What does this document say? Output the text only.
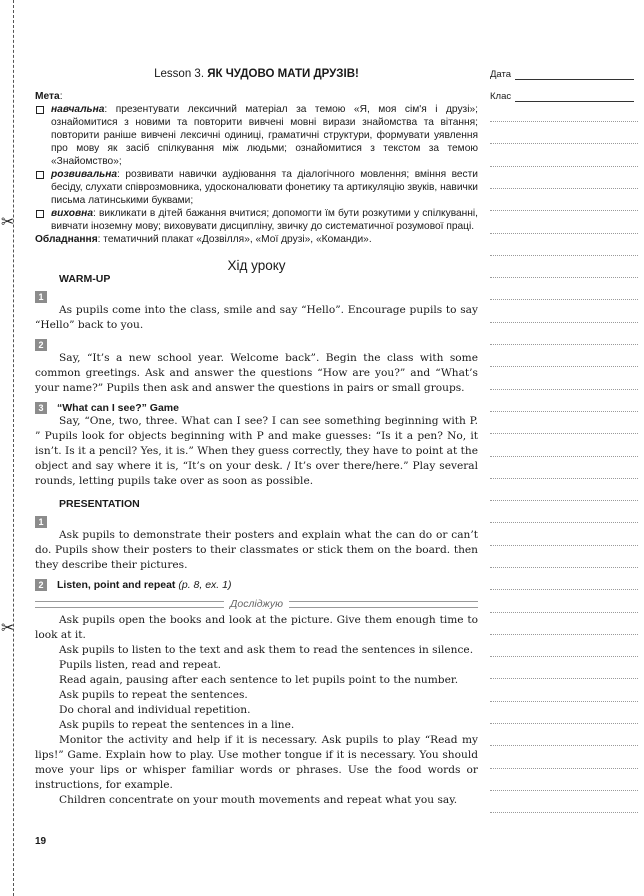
✂
✂
Дата
Клас
Lesson 3. ЯК ЧУДОВО МАТИ ДРУЗІВ!

Мета:

навчальна: презентувати лексичний матеріал за темою «Я, моя сім'я і друзі»; ознайомитися з новими та повторити вивчені мовні вирази знайомства та вітання; повторити раніше вивчені лексичні одиниці, граматичні структури, формувати уявлення про мову як засіб спілкування між людьми; ознайомитися з текстом за темою «Знайомство»;

розвивальна: розвивати навички аудіювання та діалогічного мовлення; вміння вести бесіду, слухати співрозмовника, удосконалювати фонетику та артикуляцію звуків, навички письма латинськими буквами;

виховна: викликати в дітей бажання вчитися; допомогти їм бути розкутими у спілкуванні, вивчати іноземну мову; виховувати дисципліну, звичку до систематичної розумової праці.

Обладнання: тематичний плакат «Дозвілля», «Мої друзі», «Команди».

Хід уроку
WARM-UP
1

As pupils come into the class, smile and say “Hello”. Encourage pupils to say “Hello” back to you.

2

Say, “It’s a new school year. Welcome back”. Begin the class with some common greetings. Ask and answer the questions “How are you?” and “What’s your name?” Pupils then ask and answer the questions in pairs or small groups.

3	“What can I see?” Game

Say, “One, two, three. What can I see? I can see something beginning with P. ” Pupils look for objects beginning with P and make guesses: “Is it a pen? No, it isn’t. Is it a pencil? Yes, it is.” When they guess correctly, they have to point at the object and say where it is, “It’s on your desk. / It’s over there/here.” Play several rounds, letting pupils take over as soon as possible.

PRESENTATION
1

Ask pupils to demonstrate their posters and explain what the can do or can’t do. Pupils show their posters to their classmates or stick them on the board. then they describe their pictures.

2	Listen, point and repeat (p. 8, ex. 1)
Досліджую

Ask pupils open the books and look at the picture. Give them enough time to look at it.

Ask pupils to listen to the text and ask them to read the sentences in silence.

Pupils listen, read and repeat.

Read again, pausing after each sentence to let pupils point to the number.

Ask pupils to repeat the sentences.

Do choral and individual repetition.

Ask pupils to repeat the sentences in a line.

Monitor the activity and help if it is necessary. Ask pupils to play “Read my lips!” Game. Explain how to play. Use mother tongue if it is necessary. You should move your lips or whisper familiar words or phrases. Use the food words or instructions, for example.

Children concentrate on your mouth movements and repeat what you say.

19
